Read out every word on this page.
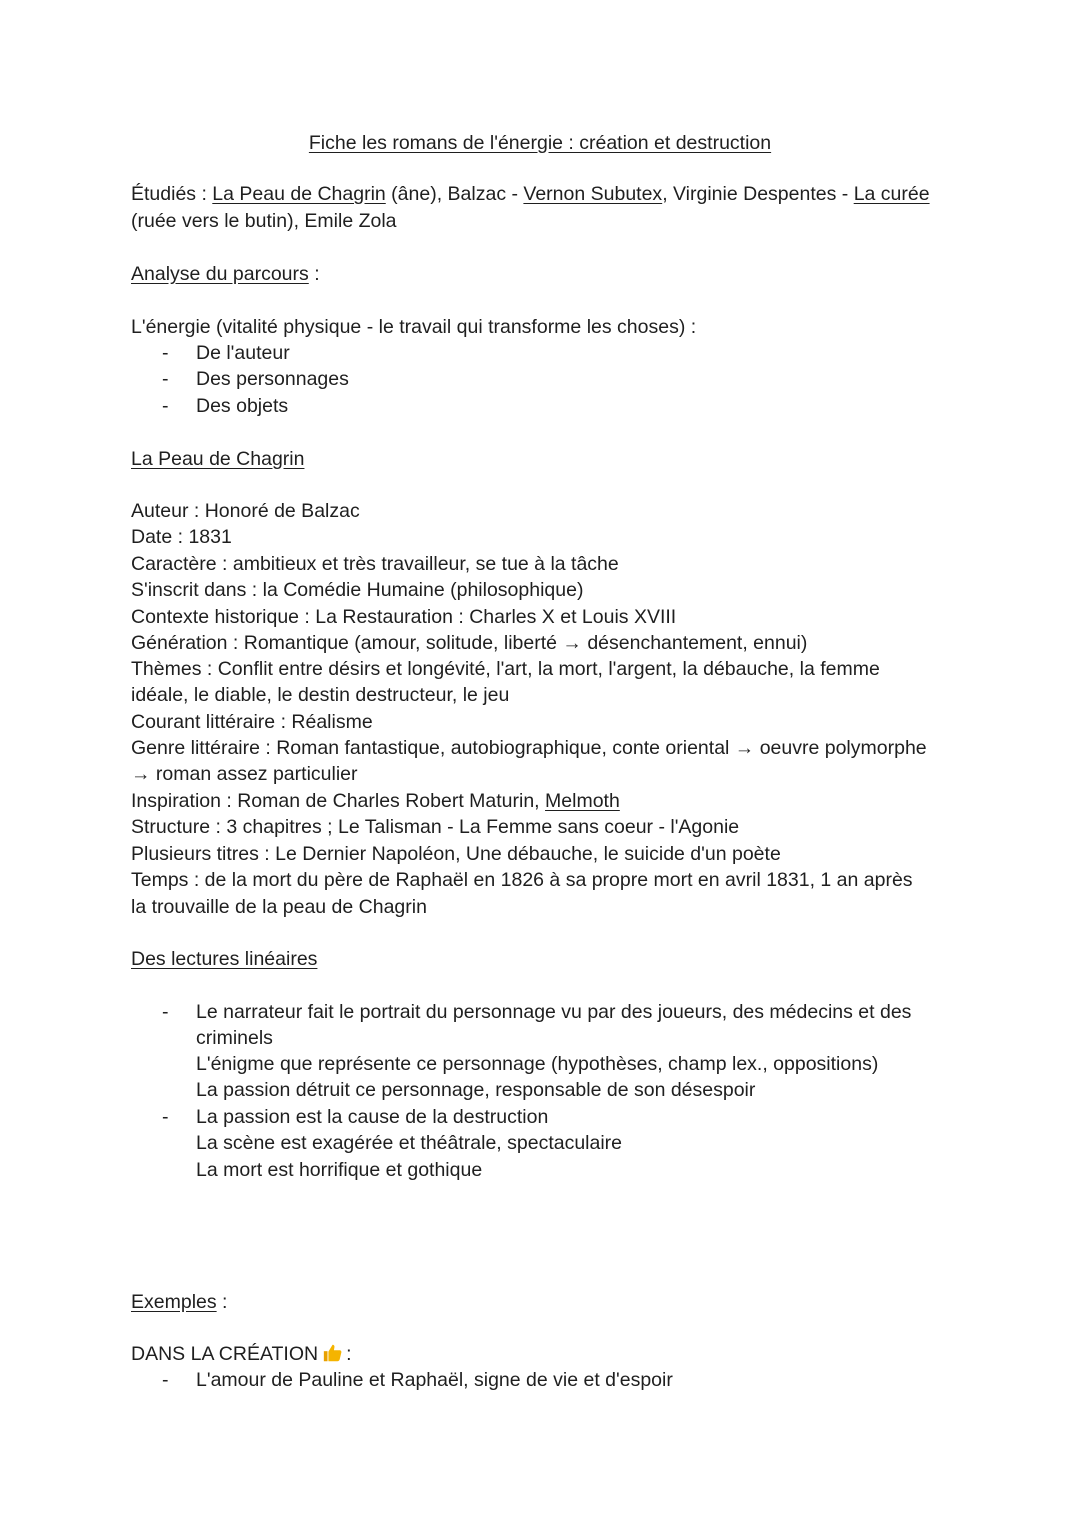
Fiche les romans de l'énergie : création et destruction
Étudiés : La Peau de Chagrin (âne), Balzac - Vernon Subutex, Virginie Despentes - La curée
(ruée vers le butin), Emile Zola
Analyse du parcours :
L'énergie (vitalité physique - le travail qui transforme les choses) :
- De l'auteur
- Des personnages
- Des objets
La Peau de Chagrin
Auteur : Honoré de Balzac
Date : 1831
Caractère : ambitieux et très travailleur, se tue à la tâche
S'inscrit dans : la Comédie Humaine (philosophique)
Contexte historique : La Restauration : Charles X et Louis XVIII
Génération : Romantique (amour, solitude, liberté → désenchantement, ennui)
Thèmes : Conflit entre désirs et longévité, l'art, la mort, l'argent, la débauche, la femme
idéale, le diable, le destin destructeur, le jeu
Courant littéraire : Réalisme
Genre littéraire : Roman fantastique, autobiographique, conte oriental → oeuvre polymorphe
→ roman assez particulier
Inspiration : Roman de Charles Robert Maturin, Melmoth
Structure : 3 chapitres ; Le Talisman - La Femme sans coeur - l'Agonie
Plusieurs titres : Le Dernier Napoléon, Une débauche, le suicide d'un poète
Temps : de la mort du père de Raphaël en 1826 à sa propre mort en avril 1831, 1 an après
la trouvaille de la peau de Chagrin
Des lectures linéaires
- Le narrateur fait le portrait du personnage vu par des joueurs, des médecins et des
criminels
L'énigme que représente ce personnage (hypothèses, champ lex., oppositions)
La passion détruit ce personnage, responsable de son désespoir
- La passion est la cause de la destruction
La scène est exagérée et théâtrale, spectaculaire
La mort est horrifique et gothique
Exemples :
DANS LA CRÉATION :
- L'amour de Pauline et Raphaël, signe de vie et d'espoir
